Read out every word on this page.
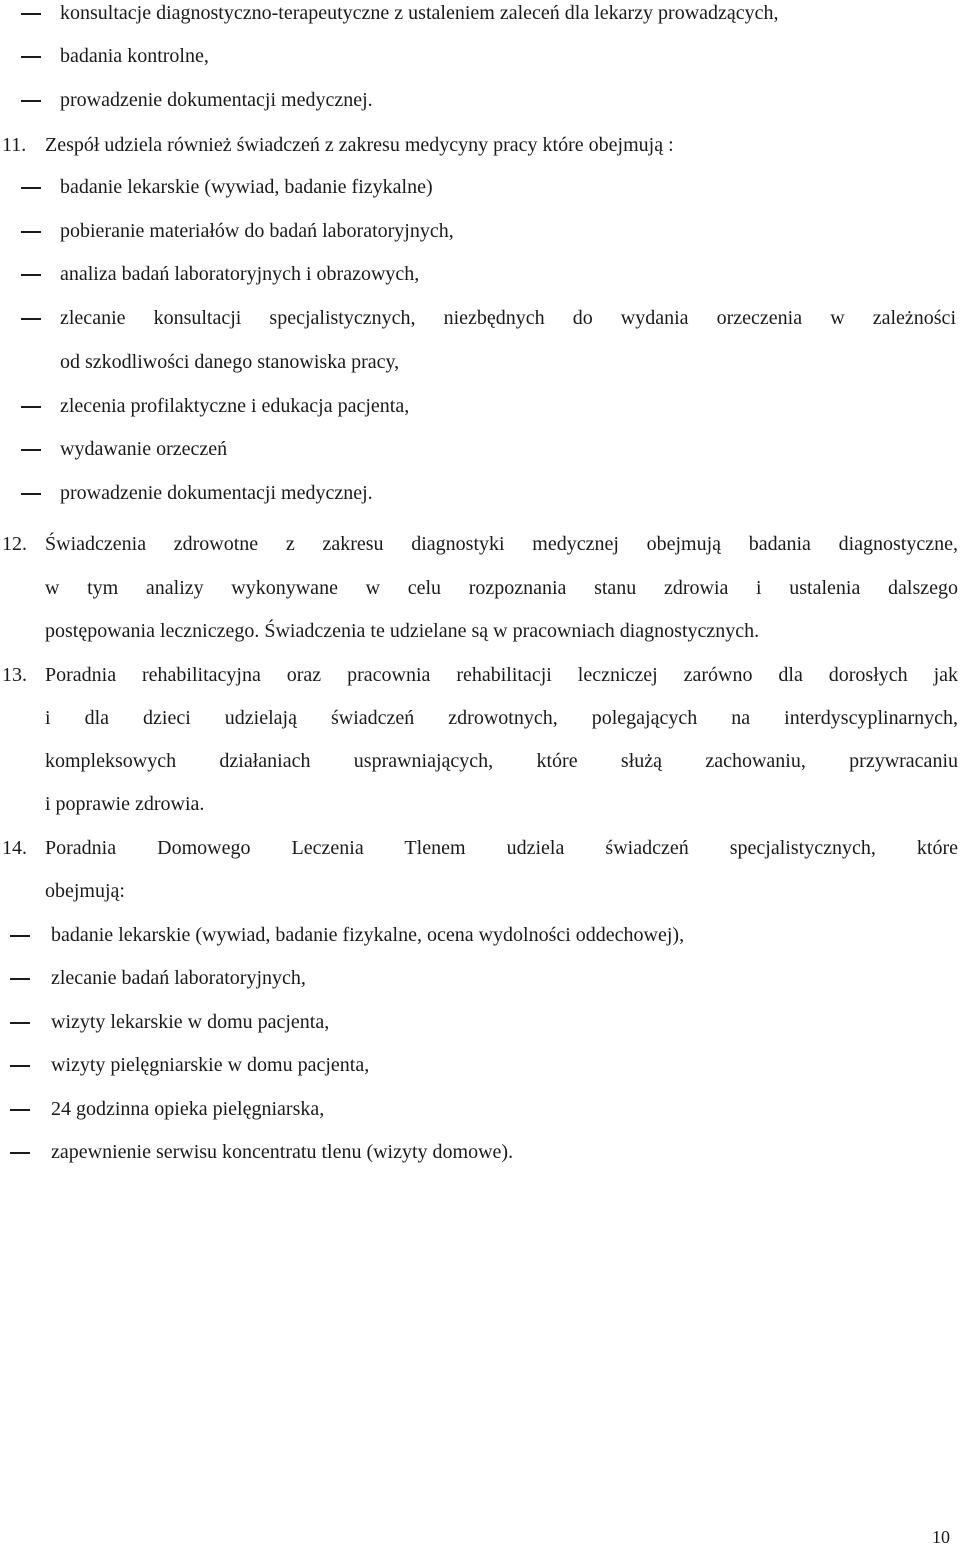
konsultacje diagnostyczno-terapeutyczne z ustaleniem zaleceń dla lekarzy prowadzących,
badania kontrolne,
prowadzenie dokumentacji medycznej.
11. Zespół udziela również świadczeń z zakresu medycyny pracy które obejmują :
badanie lekarskie (wywiad, badanie fizykalne)
pobieranie materiałów do badań laboratoryjnych,
analiza badań laboratoryjnych i obrazowych,
zlecanie konsultacji specjalistycznych, niezbędnych do wydania orzeczenia w zależności
od szkodliwości danego stanowiska pracy,
zlecenia profilaktyczne i edukacja pacjenta,
wydawanie orzeczeń
prowadzenie dokumentacji medycznej.
12. Świadczenia zdrowotne z zakresu diagnostyki medycznej obejmują badania diagnostyczne,
w tym analizy wykonywane w celu rozpoznania stanu zdrowia i ustalenia dalszego
postępowania leczniczego. Świadczenia te udzielane są w pracowniach diagnostycznych.
13. Poradnia rehabilitacyjna oraz pracownia rehabilitacji leczniczej zarówno dla dorosłych jak
i dla dzieci udzielają świadczeń zdrowotnych, polegających na interdyscyplinarnych,
kompleksowych działaniach usprawniających, które służą zachowaniu, przywracaniu
i poprawie zdrowia.
14. Poradnia Domowego Leczenia Tlenem udziela świadczeń specjalistycznych, które
obejmują:
badanie lekarskie (wywiad, badanie fizykalne, ocena wydolności oddechowej),
zlecanie badań laboratoryjnych,
wizyty lekarskie w domu pacjenta,
wizyty pielęgniarskie w domu pacjenta,
24 godzinna opieka pielęgniarska,
zapewnienie serwisu koncentratu tlenu (wizyty domowe).
10
